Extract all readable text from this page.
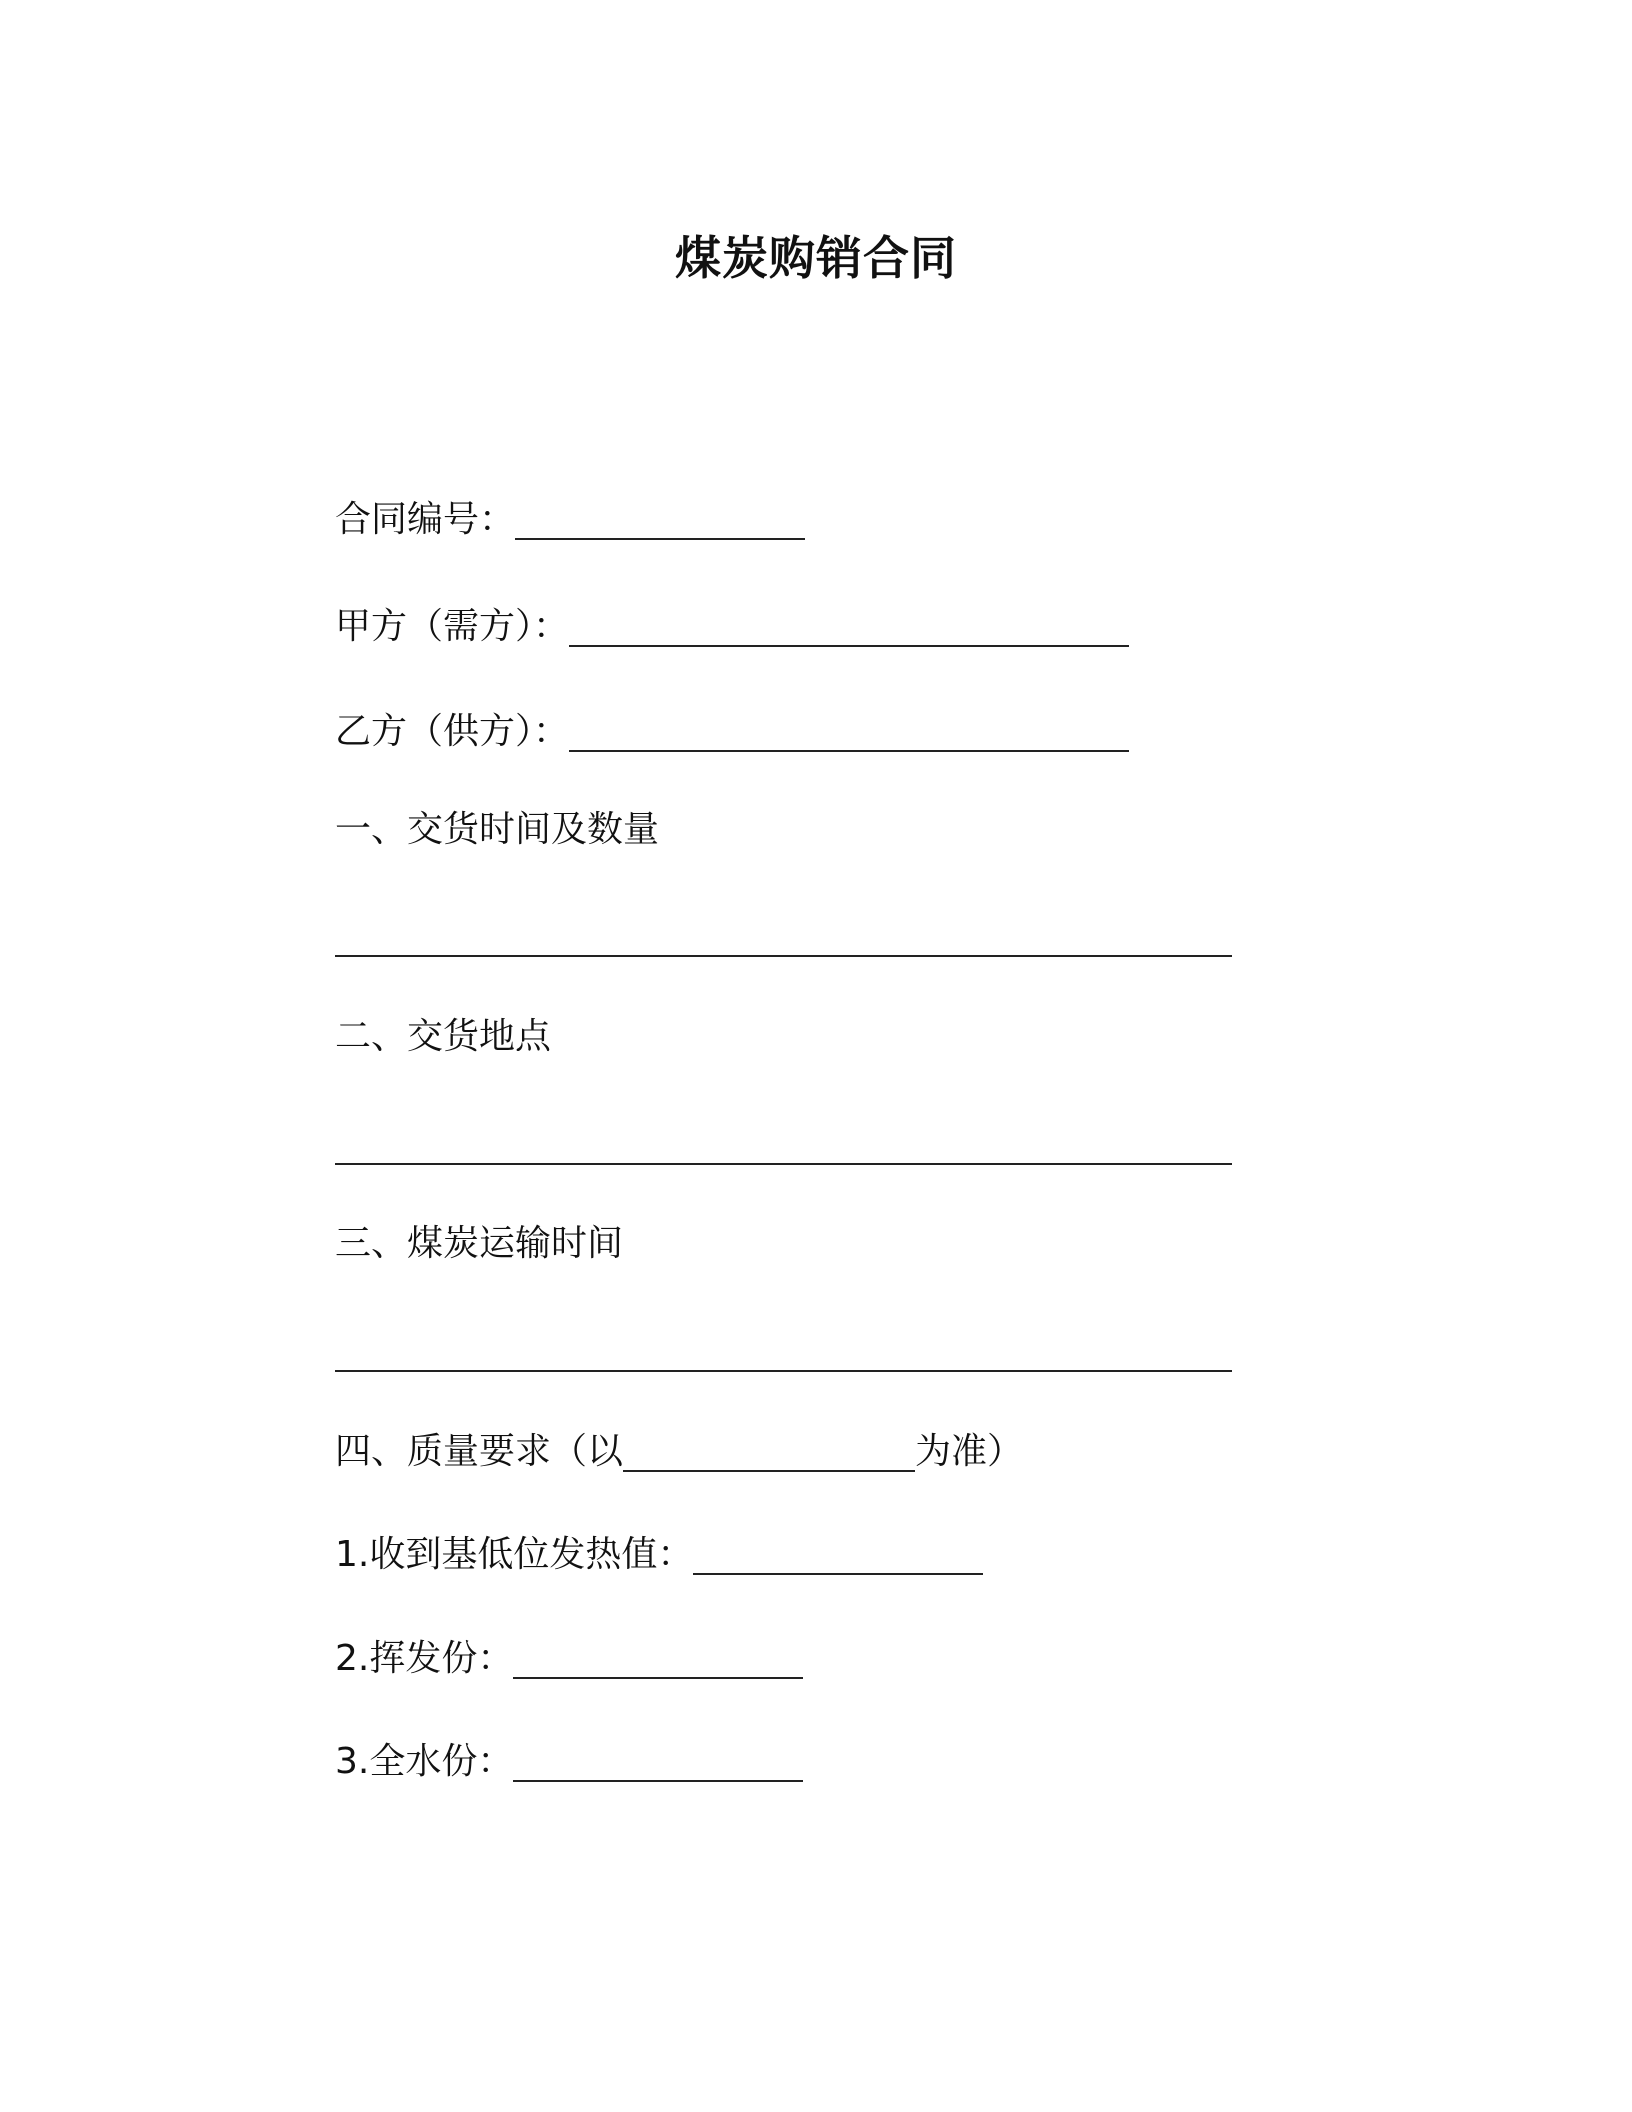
煤炭购销合同
合同编号：
甲方（需方）：
乙方（供方）：
一、交货时间及数量
二、交货地点
三、煤炭运输时间
四、质量要求（以	为准）
1.收到基低位发热值：
2.挥发份：
3.全水份：
